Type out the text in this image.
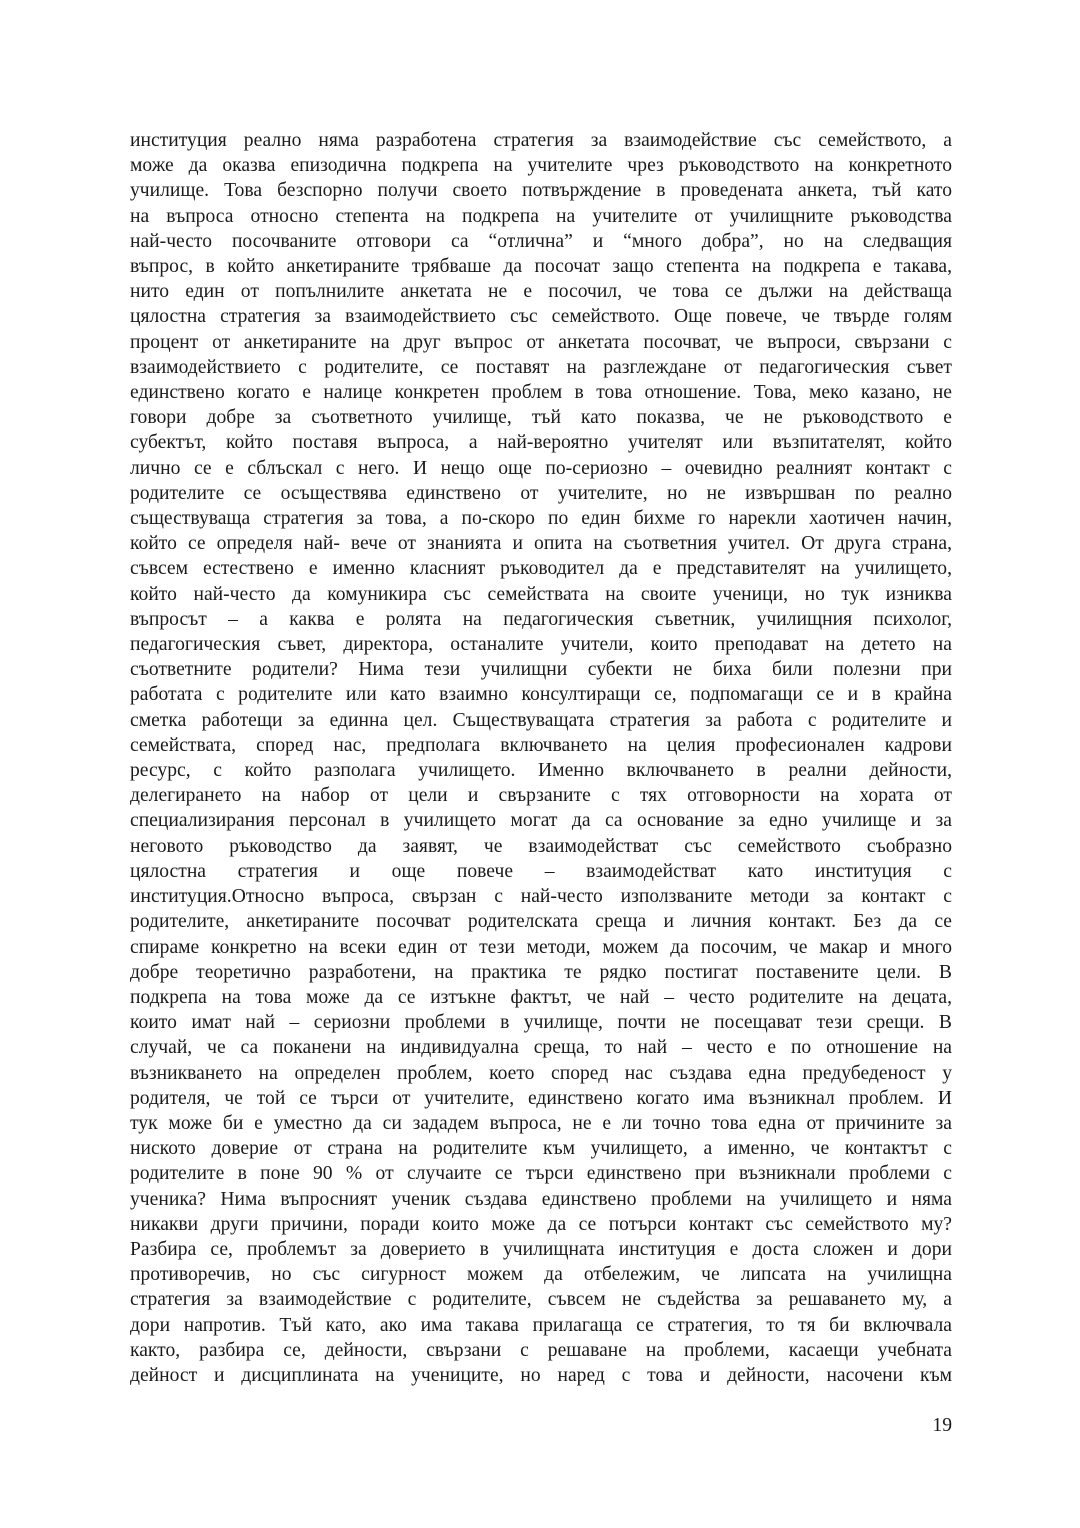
институция реално няма разработена стратегия за взаимодействие със семейството, а
може да оказва епизодична подкрепа на учителите чрез ръководството на конкретното
училище. Това безспорно получи своето потвърждение в проведената анкета, тъй като
на въпроса относно степента на подкрепа на учителите от училищните ръководства
най-често посочваните отговори са “отлична” и “много добра”, но на следващия
въпрос, в който анкетираните трябваше да посочат защо степента на подкрепа е такава,
нито един от попълнилите анкетата не е посочил, че това се дължи на действаща
цялостна стратегия за взаимодействието със семейството. Още повече, че твърде голям
процент от анкетираните на друг въпрос от анкетата посочват, че въпроси, свързани с
взаимодействието с родителите, се поставят на разглеждане от педагогическия съвет
единствено когато е налице конкретен проблем в това отношение. Това, меко казано, не
говори добре за съответното училище, тъй като показва, че не ръководството е
субектът, който поставя въпроса, а най-вероятно учителят или възпитателят, който
лично се е сблъскал с него. И нещо още по-сериозно – очевидно реалният контакт с
родителите се осъществява единствено от учителите, но не извършван по реално
съществуваща стратегия за това, а по-скоро по един бихме го нарекли хаотичен начин,
който се определя най- вече от знанията и опита на съответния учител. От друга страна,
съвсем естествено е именно класният ръководител да е представителят на училището,
който най-често да комуникира със семействата на своите ученици, но тук изниква
въпросът – а каква е ролята на педагогическия съветник, училищния психолог,
педагогическия съвет, директора, останалите учители, които преподават на детето на
съответните родители? Нима тези училищни субекти не биха били полезни при
работата с родителите или като взаимно консултиращи се, подпомагащи се и в крайна
сметка работещи за единна цел. Съществуващата стратегия за работа с родителите и
семействата, според нас, предполага включването на целия професионален кадрови
ресурс, с който разполага училището. Именно включването в реални дейности,
делегирането на набор от цели и свързаните с тях отговорности на хората от
специализирания персонал в училището могат да са основание за едно училище и за
неговото ръководство да заявят, че взаимодействат със семейството съобразно
цялостна стратегия и още повече – взаимодействат като институция с
институция.Относно въпроса, свързан с най-често използваните методи за контакт с
родителите, анкетираните посочват родителската среща и личния контакт. Без да се
спираме конкретно на всеки един от тези методи, можем да посочим, че макар и много
добре теоретично разработени, на практика те рядко постигат поставените цели. В
подкрепа на това може да се изтъкне фактът, че най – често родителите на децата,
които имат най – сериозни проблеми в училище, почти не посещават тези срещи. В
случай, че са поканени на индивидуална среща, то най – често е по отношение на
възникването на определен проблем, което според нас създава една предубеденост у
родителя, че той се търси от учителите, единствено когато има възникнал проблем. И
тук може би е уместно да си зададем въпроса, не е ли точно това една от причините за
ниското доверие от страна на родителите към училището, а именно, че контактът с
родителите в поне 90 % от случаите се търси единствено при възникнали проблеми с
ученика? Нима въпросният ученик създава единствено проблеми на училището и няма
никакви други причини, поради които може да се потърси контакт със семейството му?
Разбира се, проблемът за доверието в училищната институция е доста сложен и дори
противоречив, но със сигурност можем да отбележим, че липсата на училищна
стратегия за взаимодействие с родителите, съвсем не съдейства за решаването му, а
дори напротив. Тъй като, ако има такава прилагаща се стратегия, то тя би включвала
както, разбира се, дейности, свързани с решаване на проблеми, касаещи учебната
дейност и дисциплината на учениците, но наред с това и дейности, насочени към
19
